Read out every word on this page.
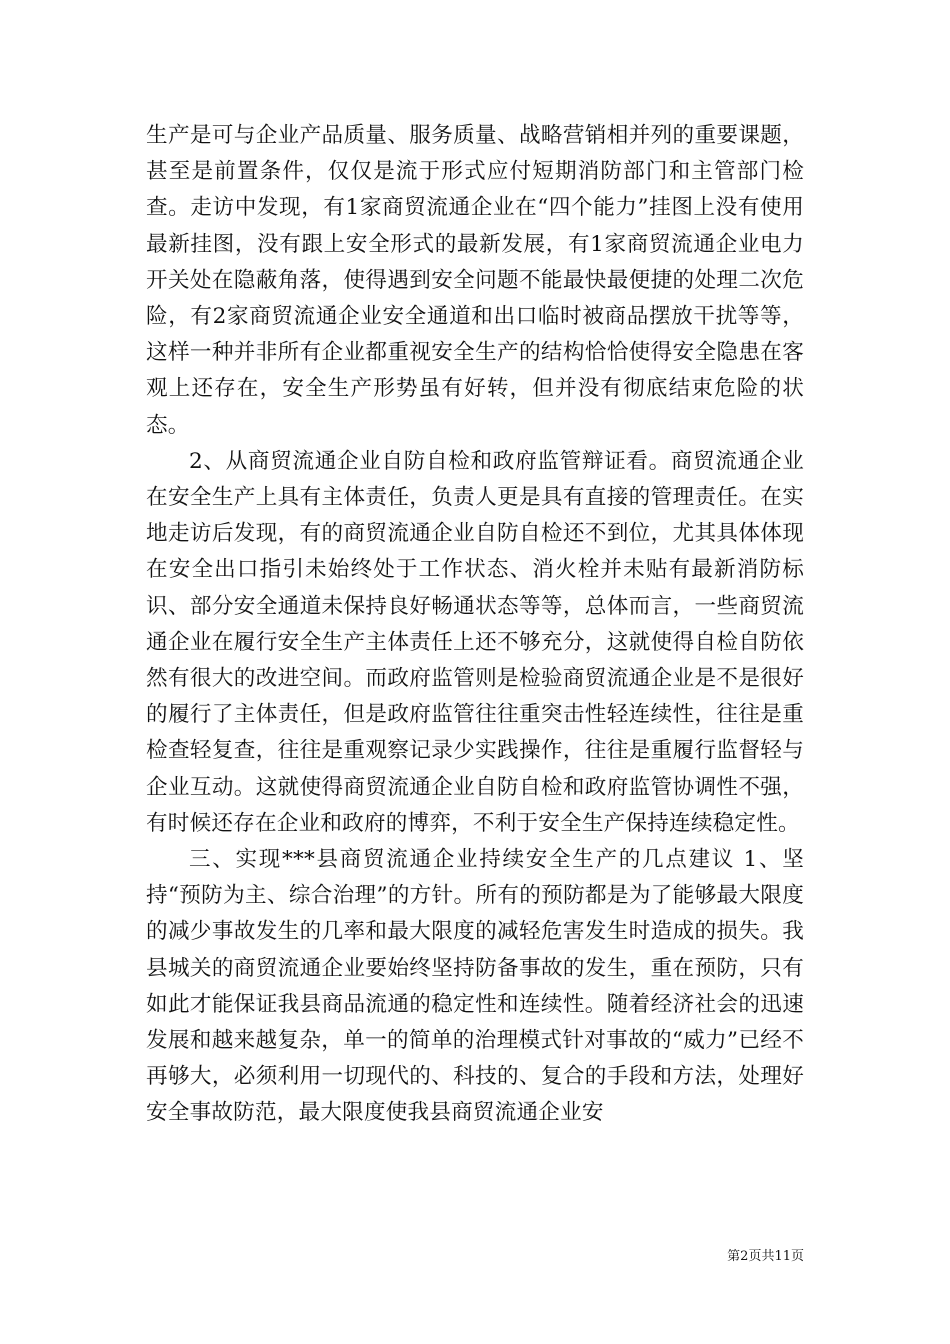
生产是可与企业产品质量、服务质量、战略营销相并列的重要课题，甚至是前置条件，仅仅是流于形式应付短期消防部门和主管部门检查。走访中发现，有1家商贸流通企业在“四个能力”挂图上没有使用最新挂图，没有跟上安全形式的最新发展，有1家商贸流通企业电力开关处在隐蔽角落，使得遇到安全问题不能最快最便捷的处理二次危险，有2家商贸流通企业安全通道和出口临时被商品摆放干扰等等，这样一种并非所有企业都重视安全生产的结构恰恰使得安全隐患在客观上还存在，安全生产形势虽有好转，但并没有彻底结束危险的状态。

2、从商贸流通企业自防自检和政府监管辩证看。商贸流通企业在安全生产上具有主体责任，负责人更是具有直接的管理责任。在实地走访后发现，有的商贸流通企业自防自检还不到位，尤其具体体现在安全出口指引未始终处于工作状态、消火栓并未贴有最新消防标识、部分安全通道未保持良好畅通状态等等，总体而言，一些商贸流通企业在履行安全生产主体责任上还不够充分，这就使得自检自防依然有很大的改进空间。而政府监管则是检验商贸流通企业是不是很好的履行了主体责任，但是政府监管往往重突击性轻连续性，往往是重检查轻复查，往往是重观察记录少实践操作，往往是重履行监督轻与企业互动。这就使得商贸流通企业自防自检和政府监管协调性不强，有时候还存在企业和政府的博弈，不利于安全生产保持连续稳定性。

三、实现***县商贸流通企业持续安全生产的几点建议 1、坚持“预防为主、综合治理”的方针。所有的预防都是为了能够最大限度的减少事故发生的几率和最大限度的减轻危害发生时造成的损失。我县城关的商贸流通企业要始终坚持防备事故的发生，重在预防，只有如此才能保证我县商品流通的稳定性和连续性。随着经济社会的迅速发展和越来越复杂，单一的简单的治理模式针对事故的“威力”已经不再够大，必须利用一切现代的、科技的、复合的手段和方法，处理好安全事故防范，最大限度使我县商贸流通企业安

第2页共11页
